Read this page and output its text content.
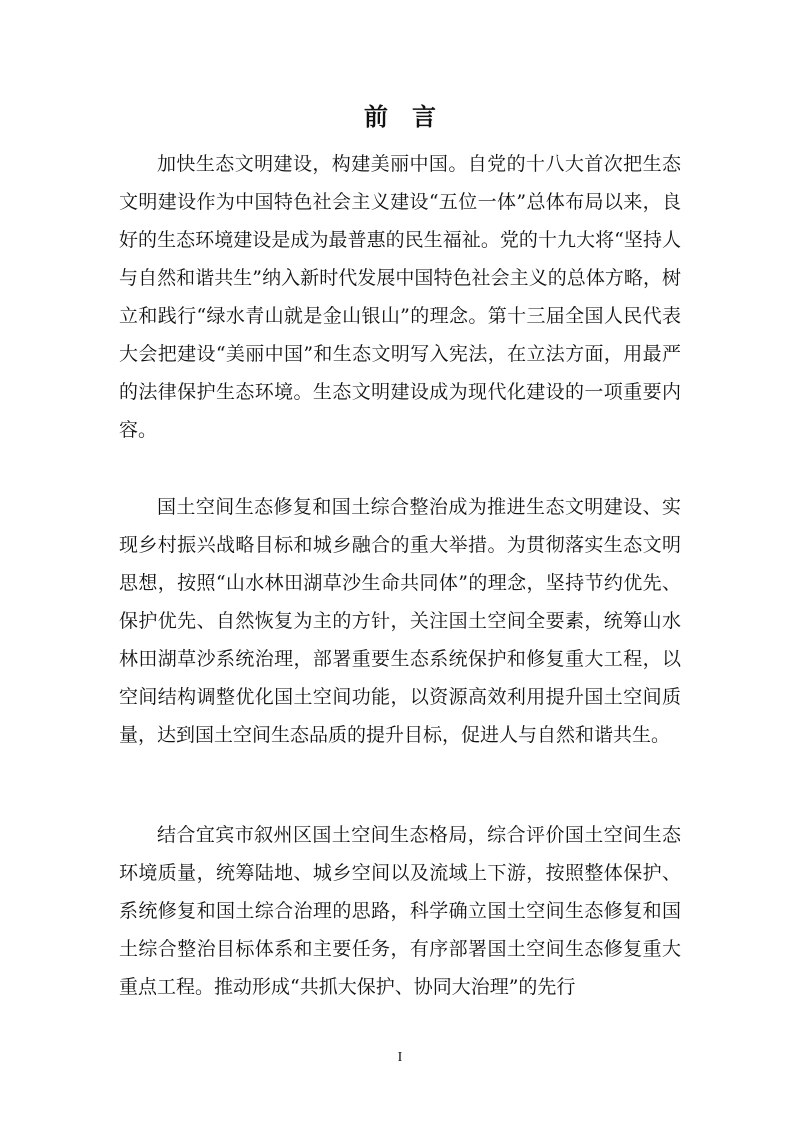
前　言

加快生态文明建设，构建美丽中国。自党的十八大首次把生态文明建设作为中国特色社会主义建设“五位一体”总体布局以来，良好的生态环境建设是成为最普惠的民生福祉。党的十九大将“坚持人与自然和谐共生”纳入新时代发展中国特色社会主义的总体方略，树立和践行“绿水青山就是金山银山”的理念。第十三届全国人民代表大会把建设“美丽中国”和生态文明写入宪法，在立法方面，用最严的法律保护生态环境。生态文明建设成为现代化建设的一项重要内容。

国土空间生态修复和国土综合整治成为推进生态文明建设、实现乡村振兴战略目标和城乡融合的重大举措。为贯彻落实生态文明思想，按照“山水林田湖草沙生命共同体”的理念，坚持节约优先、保护优先、自然恢复为主的方针，关注国土空间全要素，统筹山水林田湖草沙系统治理，部署重要生态系统保护和修复重大工程，以空间结构调整优化国土空间功能，以资源高效利用提升国土空间质量，达到国土空间生态品质的提升目标，促进人与自然和谐共生。

结合宜宾市叙州区国土空间生态格局，综合评价国土空间生态环境质量，统筹陆地、城乡空间以及流域上下游，按照整体保护、系统修复和国土综合治理的思路，科学确立国土空间生态修复和国土综合整治目标体系和主要任务，有序部署国土空间生态修复重大重点工程。推动形成“共抓大保护、协同大治理”的先行

I
